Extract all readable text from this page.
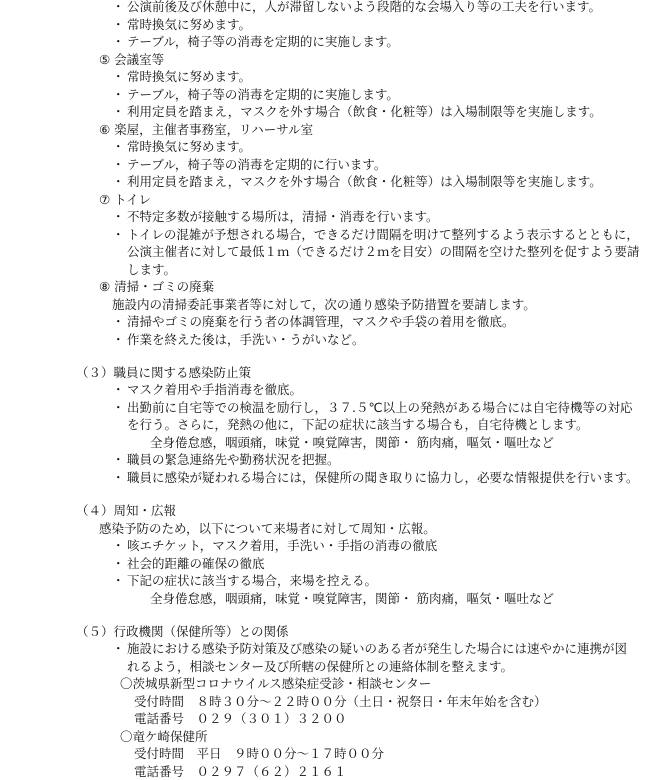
・ 公演前後及び休憩中に，人が滞留しないよう段階的な会場入り等の工夫を行います。
・ 常時換気に努めます。
・ テーブル，椅子等の消毒を定期的に実施します。
⑤ 会議室等
・ 常時換気に努めます。
・ テーブル，椅子等の消毒を定期的に実施します。
・ 利用定員を踏まえ，マスクを外す場合（飲食・化粧等）は入場制限等を実施します。
⑥ 楽屋，主催者事務室，リハーサル室
・ 常時換気に努めます。
・ テーブル，椅子等の消毒を定期的に行います。
・ 利用定員を踏まえ，マスクを外す場合（飲食・化粧等）は入場制限等を実施します。
⑦ トイレ
・ 不特定多数が接触する場所は，清掃・消毒を行います。
・ トイレの混雑が予想される場合，できるだけ間隔を明けて整列するよう表示するとともに，
公演主催者に対して最低１ｍ（できるだけ２ｍを目安）の間隔を空けた整列を促すよう要請
します。
⑧ 清掃・ゴミの廃棄
施設内の清掃委託事業者等に対して，次の通り感染予防措置を要請します。
・ 清掃やゴミの廃棄を行う者の体調管理，マスクや手袋の着用を徹底。
・ 作業を終えた後は，手洗い・うがいなど。
（３）職員に関する感染防止策
・ マスク着用や手指消毒を徹底。
・ 出勤前に自宅等での検温を励行し，３７.５℃以上の発熱がある場合には自宅待機等の対応
を行う。さらに，発熱の他に，下記の症状に該当する場合も，自宅待機とします。
全身倦怠感，咽頭痛，味覚・嗅覚障害，関節・ 筋肉痛，嘔気・嘔吐など
・ 職員の緊急連絡先や勤務状況を把握。
・ 職員に感染が疑われる場合には，保健所の聞き取りに協力し，必要な情報提供を行います。
（４）周知・広報
感染予防のため，以下について来場者に対して周知・広報。
・ 咳エチケット，マスク着用，手洗い・手指の消毒の徹底
・ 社会的距離の確保の徹底
・ 下記の症状に該当する場合，来場を控える。
全身倦怠感，咽頭痛，味覚・嗅覚障害，関節・ 筋肉痛，嘔気・嘔吐など
（５）行政機関（保健所等）との関係
・ 施設における感染予防対策及び感染の疑いのある者が発生した場合には速やかに連携が図
れるよう，相談センター及び所轄の保健所との連絡体制を整えます。
〇茨城県新型コロナウイルス感染症受診・相談センター
受付時間　８時３０分～２２時００分（土日・祝祭日・年末年始を含む）
電話番号　０２９（３０１）３２００
〇竜ケ崎保健所
受付時間　平日　９時００分～１７時００分
電話番号　０２９７（６２）２１６１
